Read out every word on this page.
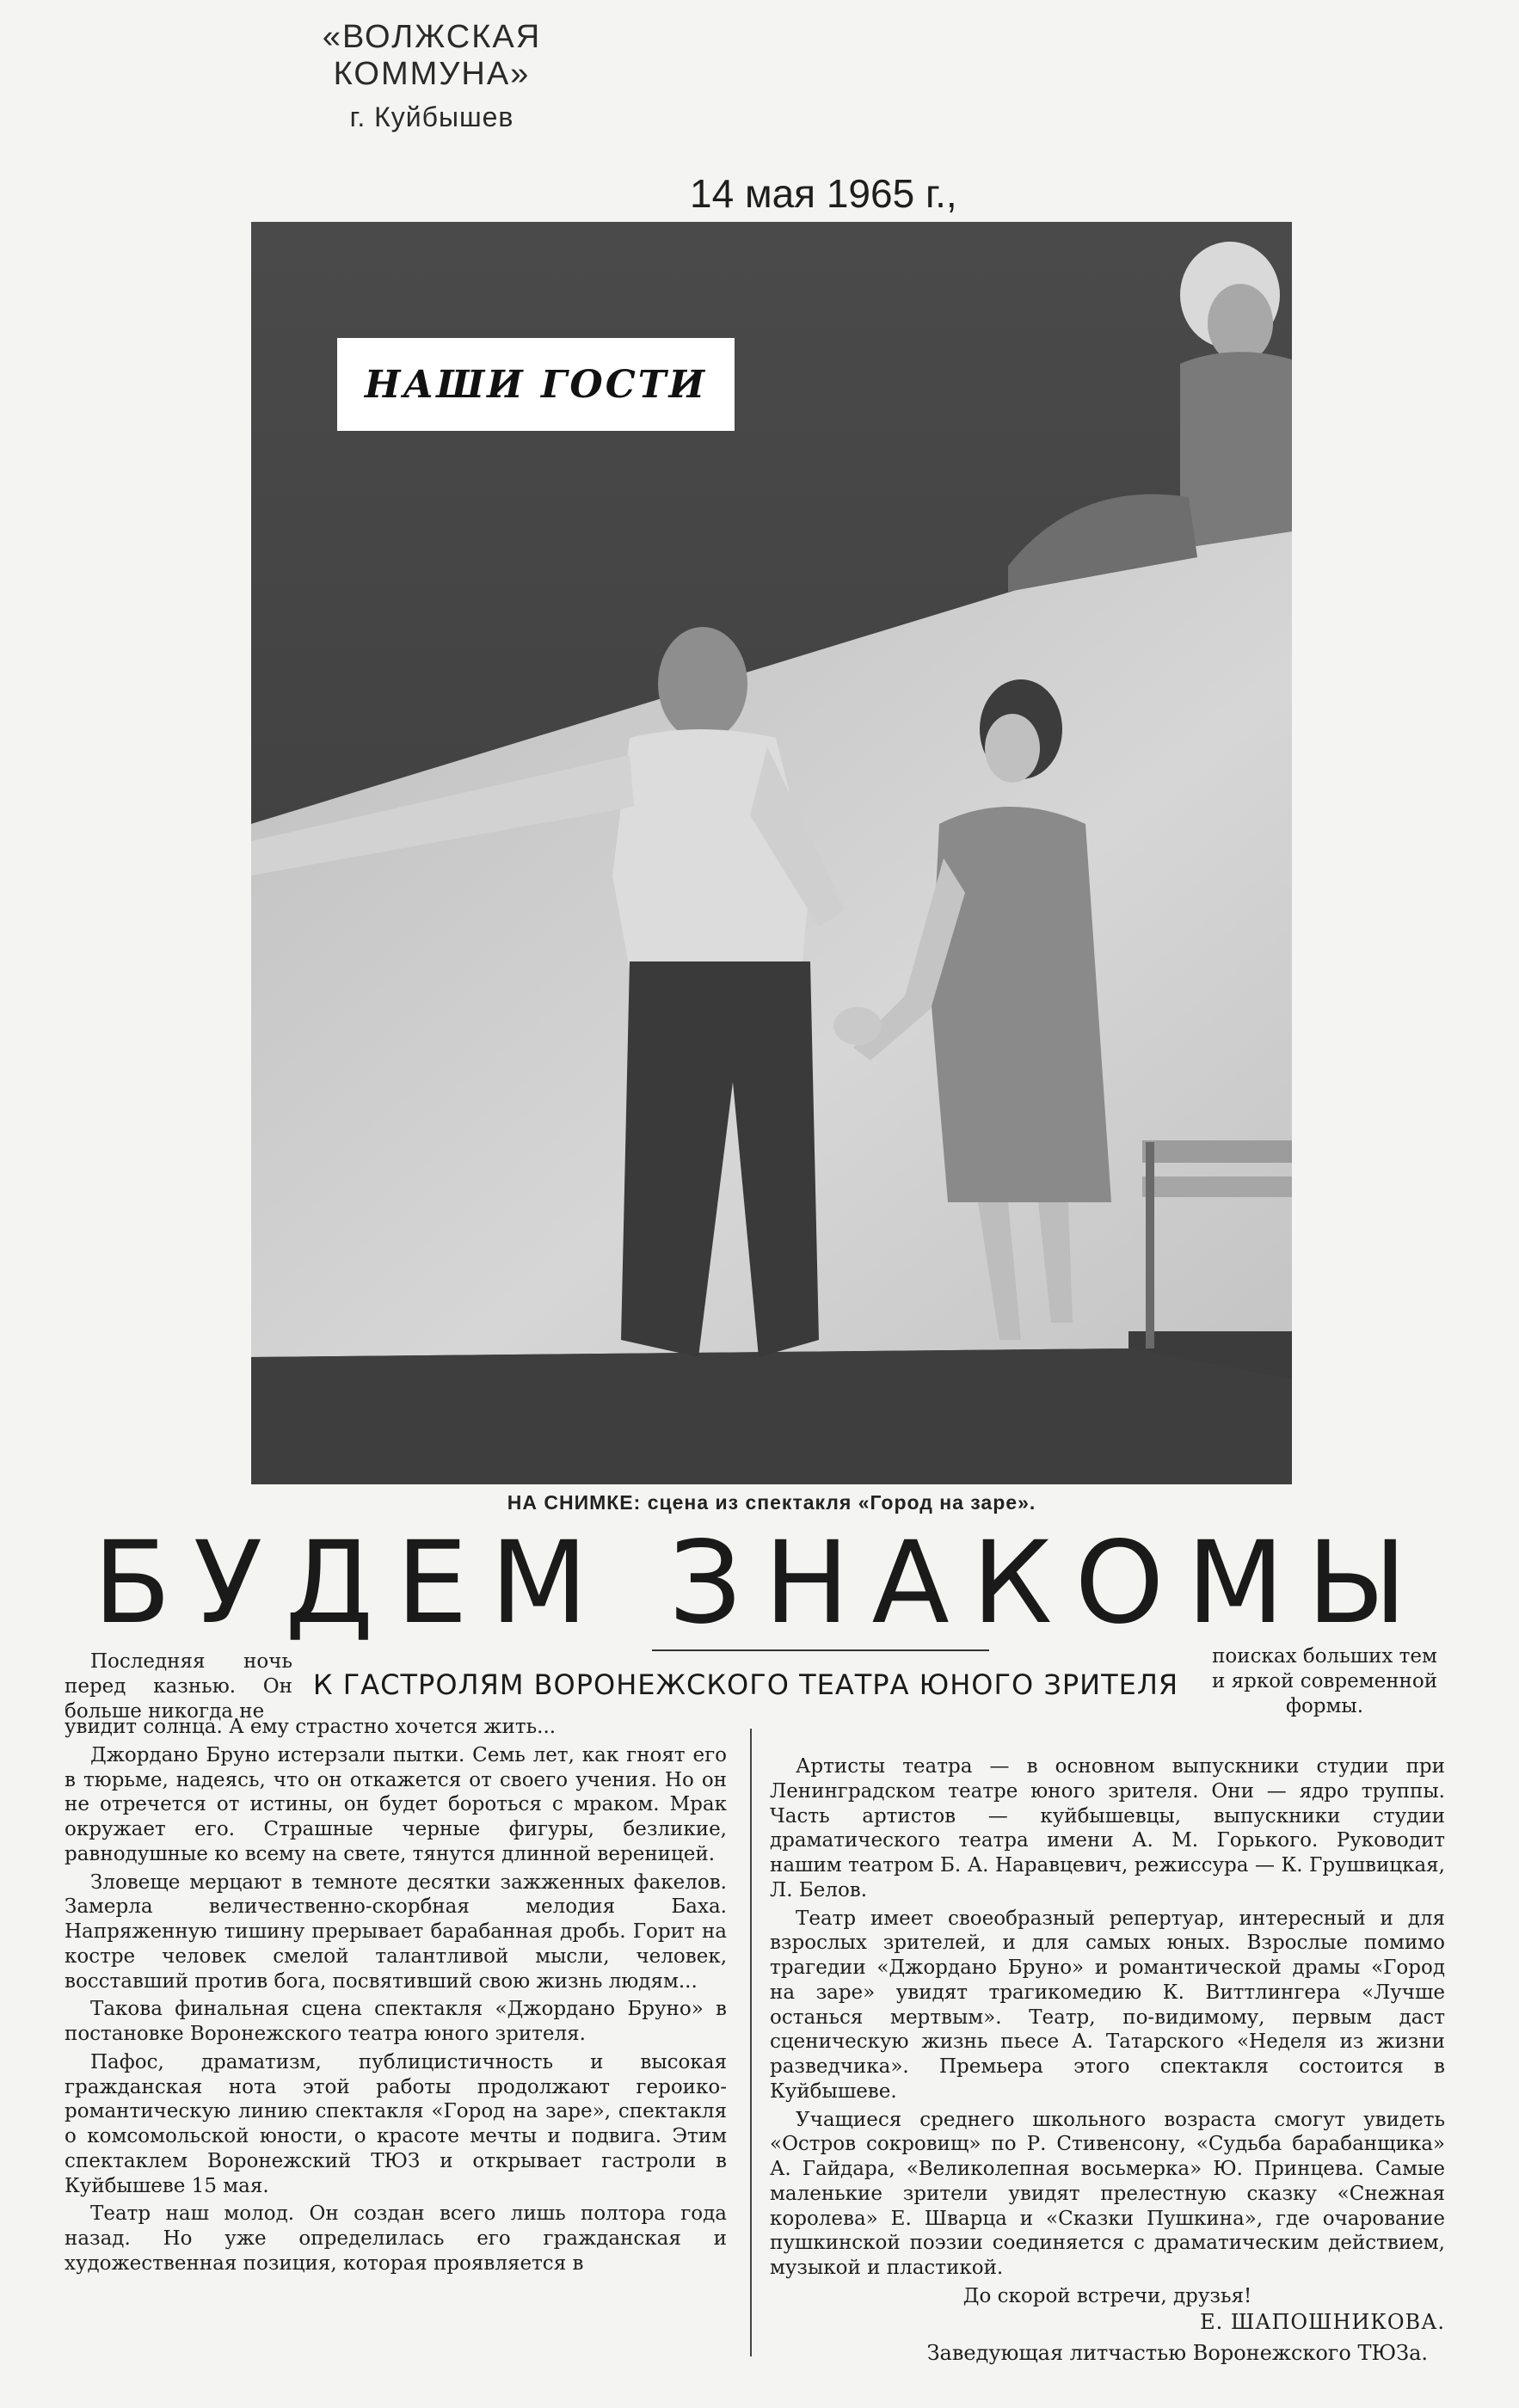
«ВОЛЖСКАЯ КОММУНА»
г. Куйбышев
14 мая 1965 г.,
НАШИ ГОСТИ
НА СНИМКЕ: сцена из спектакля «Город на заре».
БУДЕМ ЗНАКОМЫ
К ГАСТРОЛЯМ ВОРОНЕЖСКОГО ТЕАТРА ЮНОГО ЗРИТЕЛЯ

Последняя ночь перед казнью. Он больше никогда не

увидит солнца. А ему страстно хочется жить...

Джордано Бруно истерзали пытки. Семь лет, как гноят его в тюрьме, надеясь, что он откажется от своего учения. Но он не отречется от истины, он будет бороться с мраком. Мрак окружает его. Страшные черные фигуры, безликие, равнодушные ко всему на свете, тянутся длинной вереницей.

Зловеще мерцают в темноте десятки зажженных факелов. Замерла величественно-скорбная мелодия Баха. Напряженную тишину прерывает барабанная дробь. Горит на костре человек смелой талантливой мысли, человек, восставший против бога, посвятивший свою жизнь людям...

Такова финальная сцена спектакля «Джордано Бруно» в постановке Воронежского театра юного зрителя.

Пафос, драматизм, публицистичность и высокая гражданская нота этой работы продолжают героико-романтическую линию спектакля «Город на заре», спектакля о комсомольской юности, о красоте мечты и подвига. Этим спектаклем Воронежский ТЮЗ и открывает гастроли в Куйбышеве 15 мая.

Театр наш молод. Он создан всего лишь полтора года назад. Но уже определилась его гражданская и художественная позиция, которая проявляется в

поисках больших тем и яркой современной формы.

Артисты театра — в основном выпускники студии при Ленинградском театре юного зрителя. Они — ядро труппы. Часть артистов — куйбышевцы, выпускники студии драматического театра имени А. М. Горького. Руководит нашим театром Б. А. Наравцевич, режиссура — К. Грушвицкая, Л. Белов.

Театр имеет своеобразный репертуар, интересный и для взрослых зрителей, и для самых юных. Взрослые помимо трагедии «Джордано Бруно» и романтической драмы «Город на заре» увидят трагикомедию К. Виттлингера «Лучше останься мертвым». Театр, по-видимому, первым даст сценическую жизнь пьесе А. Татарского «Неделя из жизни разведчика». Премьера этого спектакля состоится в Куйбышеве.

Учащиеся среднего школьного возраста смогут увидеть «Остров сокровищ» по Р. Стивенсону, «Судьба барабанщика» А. Гайдара, «Великолепная восьмерка» Ю. Принцева. Самые маленькие зрители увидят прелестную сказку «Снежная королева» Е. Шварца и «Сказки Пушкина», где очарование пушкинской поэзии соединяется с драматическим действием, музыкой и пластикой.

До скорой встречи, друзья!

Е. ШАПОШНИКОВА.
Заведующая литчастью Воронежского ТЮЗа.
